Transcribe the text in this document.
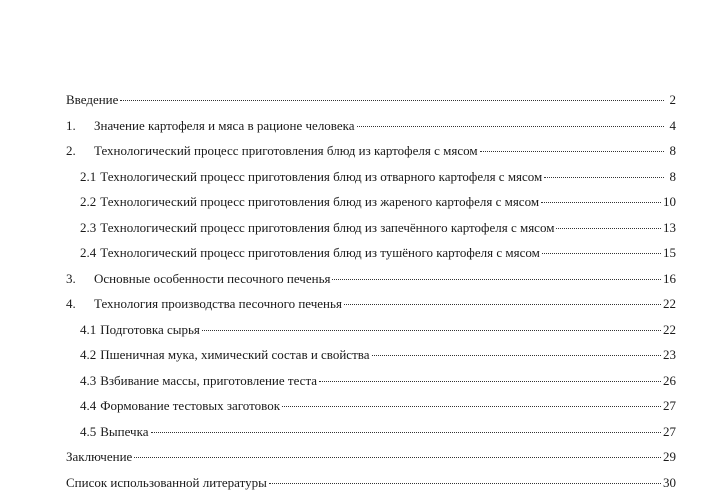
Введение	2
1.	Значение картофеля и мяса в рационе человека	4
2.	Технологический процесс приготовления блюд из картофеля с мясом	8
2.1 Технологический процесс приготовления блюд из отварного картофеля с мясом	8
2.2 Технологический процесс приготовления блюд из жареного картофеля с мясом	10
2.3 Технологический процесс приготовления блюд из запечённого картофеля с мясом	13
2.4 Технологический процесс приготовления блюд из тушёного картофеля с мясом	15
3.	Основные особенности песочного печенья	16
4.	Технология производства песочного печенья	22
4.1 Подготовка сырья	22
4.2 Пшеничная мука, химический состав и свойства	23
4.3 Взбивание массы, приготовление теста	26
4.4 Формование тестовых заготовок	27
4.5 Выпечка	27
Заключение	29
Список использованной литературы	30
